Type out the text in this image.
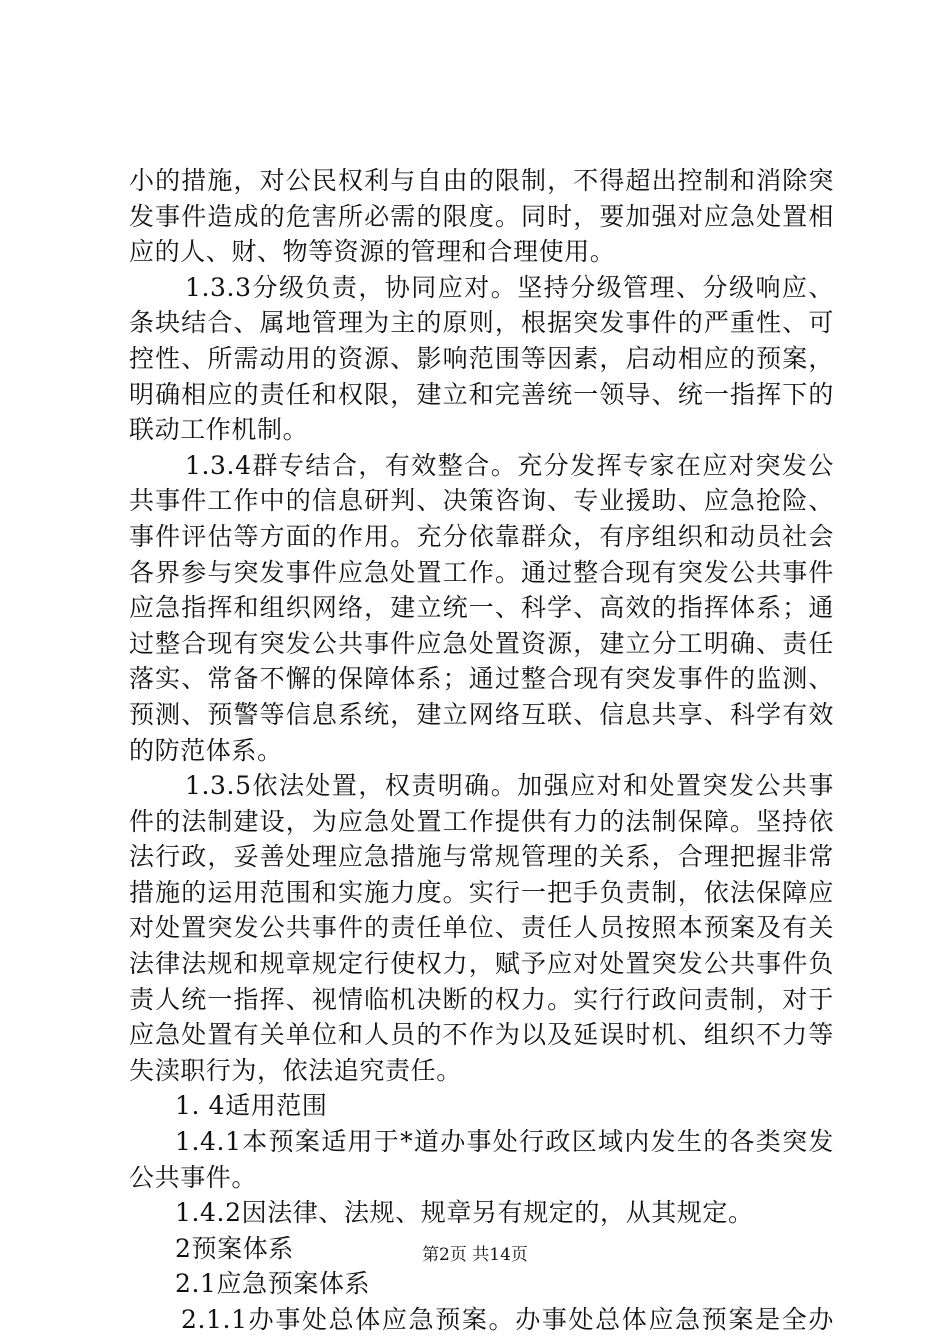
小的措施，对公民权利与自由的限制，不得超出控制和消除突
发事件造成的危害所必需的限度。同时，要加强对应急处置相
应的人、财、物等资源的管理和合理使用。
1.3.3分级负责，协同应对。坚持分级管理、分级响应、
条块结合、属地管理为主的原则，根据突发事件的严重性、可
控性、所需动用的资源、影响范围等因素，启动相应的预案，
明确相应的责任和权限，建立和完善统一领导、统一指挥下的
联动工作机制。
1.3.4群专结合，有效整合。充分发挥专家在应对突发公
共事件工作中的信息研判、决策咨询、专业援助、应急抢险、
事件评估等方面的作用。充分依靠群众，有序组织和动员社会
各界参与突发事件应急处置工作。通过整合现有突发公共事件
应急指挥和组织网络，建立统一、科学、高效的指挥体系；通
过整合现有突发公共事件应急处置资源，建立分工明确、责任
落实、常备不懈的保障体系；通过整合现有突发事件的监测、
预测、预警等信息系统，建立网络互联、信息共享、科学有效
的防范体系。
1.3.5依法处置，权责明确。加强应对和处置突发公共事
件的法制建设，为应急处置工作提供有力的法制保障。坚持依
法行政，妥善处理应急措施与常规管理的关系，合理把握非常
措施的运用范围和实施力度。实行一把手负责制，依法保障应
对处置突发公共事件的责任单位、责任人员按照本预案及有关
法律法规和规章规定行使权力，赋予应对处置突发公共事件负
责人统一指挥、视情临机决断的权力。实行行政问责制，对于
应急处置有关单位和人员的不作为以及延误时机、组织不力等
失渎职行为，依法追究责任。
1. 4适用范围
1.4.1本预案适用于*道办事处行政区域内发生的各类突发
公共事件。
1.4.2因法律、法规、规章另有规定的，从其规定。
2预案体系
2.1应急预案体系
2.1.1办事处总体应急预案。办事处总体应急预案是全办
第2页 共14页
